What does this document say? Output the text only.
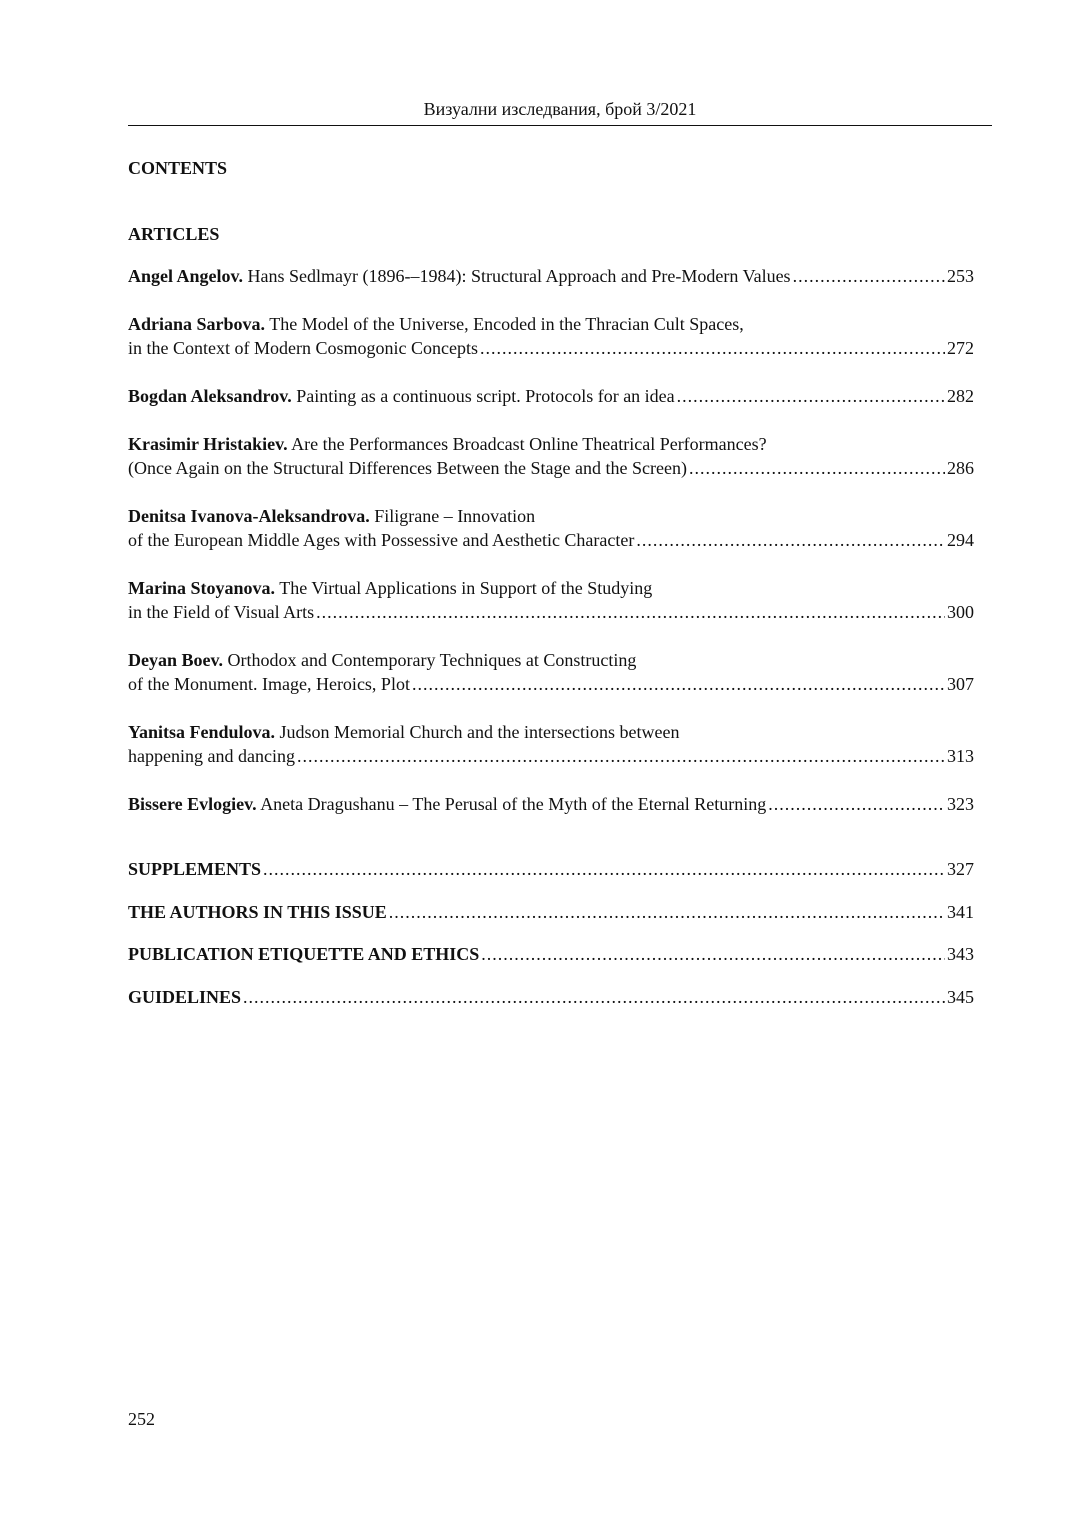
Визуални изследвания, брой 3/2021
CONTENTS
ARTICLES
Angel Angelov. Hans Sedlmayr (1896-–1984): Structural Approach and Pre-Modern Values .....	253
Adriana Sarbova. The Model of the Universe, Encoded in the Thracian Cult Spaces,
in the Context of Modern Cosmogonic Concepts .....	272
Bogdan Aleksandrov. Painting as a continuous script. Protocols for an idea .....	282
Krasimir Hristakiev. Are the Performances Broadcast Online Theatrical Performances?
(Once Again on the Structural Differences Between the Stage and the Screen) .....	286
Denitsa Ivanova-Aleksandrova. Filigrane – Innovation
of the European Middle Ages with Possessive and Aesthetic Character .....	294
Marina Stoyanova. The Virtual Applications in Support of the Studying
in the Field of Visual Arts .....	300
Deyan Boev. Orthodox and Contemporary Techniques at Constructing
of the Monument. Image, Heroics, Plot .....	307
Yanitsa Fendulova. Judson Memorial Church and the intersections between
happening and dancing .....	313
Bissere Evlogiev. Aneta Dragushanu – The Perusal of the Myth of the Eternal Returning .....	323
SUPPLEMENTS .....	327
THE AUTHORS IN THIS ISSUE .....	341
PUBLICATION ETIQUETTE AND ETHICS .....	343
GUIDELINES .....	345
252
